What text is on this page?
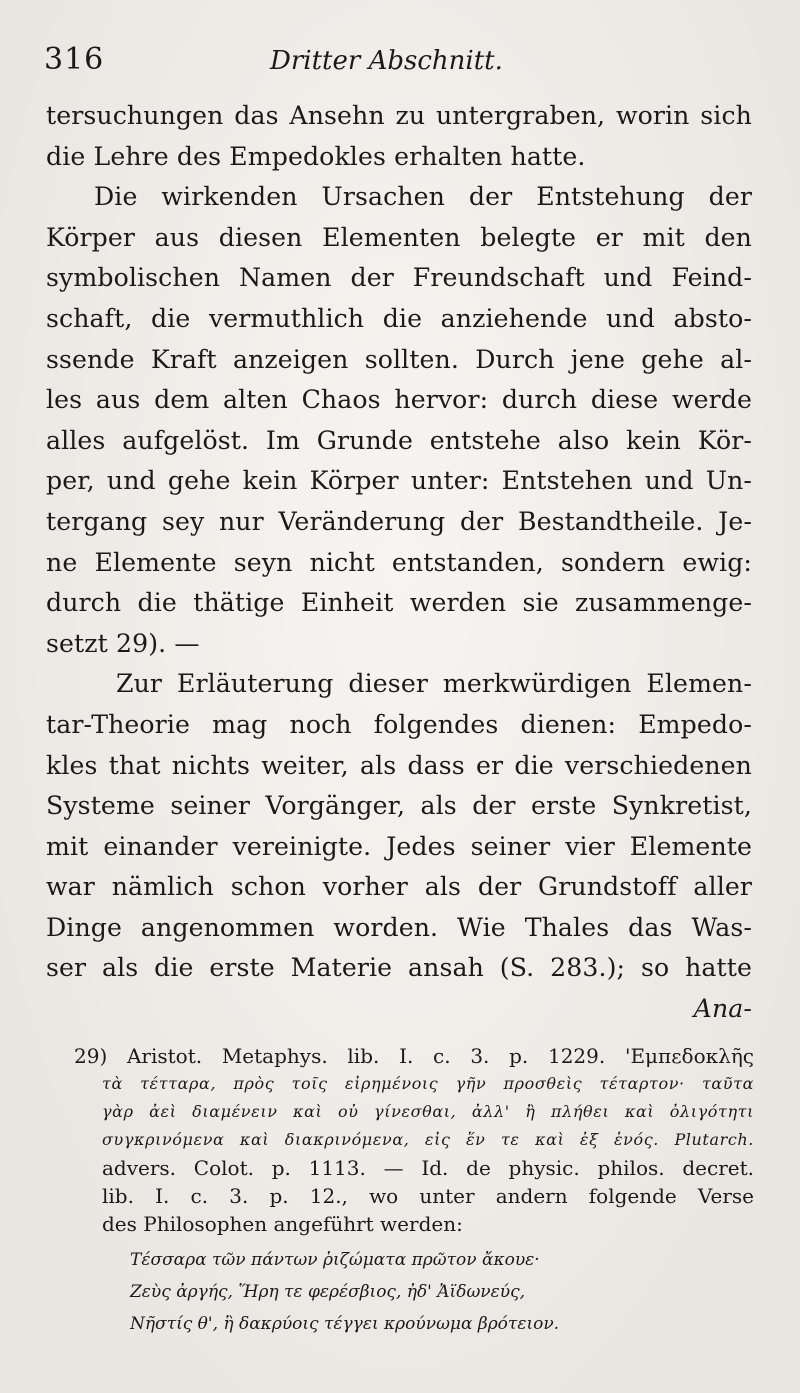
316	Dritter Abschnitt.
tersuchungen das Ansehn zu untergraben, worin sich
die Lehre des Empedokles erhalten hatte.
Die wirkenden Ursachen der Entstehung der
Körper aus diesen Elementen belegte er mit den
symbolischen Namen der Freundschaft und Feind-
schaft, die vermuthlich die anziehende und absto-
ssende Kraft anzeigen sollten. Durch jene gehe al-
les aus dem alten Chaos hervor: durch diese werde
alles aufgelöst. Im Grunde entstehe also kein Kör-
per, und gehe kein Körper unter: Entstehen und Un-
tergang sey nur Veränderung der Bestandtheile. Je-
ne Elemente seyn nicht entstanden, sondern ewig:
durch die thätige Einheit werden sie zusammenge-
setzt 29). —
Zur Erläuterung dieser merkwürdigen Elemen-
tar-Theorie mag noch folgendes dienen: Empedo-
kles that nichts weiter, als dass er die verschiedenen
Systeme seiner Vorgänger, als der erste Synkretist,
mit einander vereinigte. Jedes seiner vier Elemente
war nämlich schon vorher als der Grundstoff aller
Dinge angenommen worden. Wie Thales das Was-
ser als die erste Materie ansah (S. 283.); so hatte
Ana-
29) Aristot. Metaphys. lib. I. c. 3. p. 1229. 'Εμπεδοκλῆς
τὰ τέτταρα, πρὸς τοῖς εἰρημένοις γῆν προσθεὶς τέταρτον· ταῦτα
γὰρ ἀεὶ διαμένειν καὶ οὐ γίνεσθαι, ἀλλ' ἢ πλήθει καὶ ὀλιγότητι
συγκρινόμενα καὶ διακρινόμενα, εἰς ἕν τε καὶ ἐξ ἑνός. Plutarch.
advers. Colot. p. 1113. — Id. de physic. philos. decret.
lib. I. c. 3. p. 12., wo unter andern folgende Verse
des Philosophen angeführt werden:
Τέσσαρα τῶν πάντων ῥιζώματα πρῶτον ἄκουε·
Ζεὺς ἀργής, Ἥρη τε φερέσβιος, ἠδ' Ἀϊδωνεύς,
Νῆστίς θ', ἣ δακρύοις τέγγει κρούνωμα βρότειον.
